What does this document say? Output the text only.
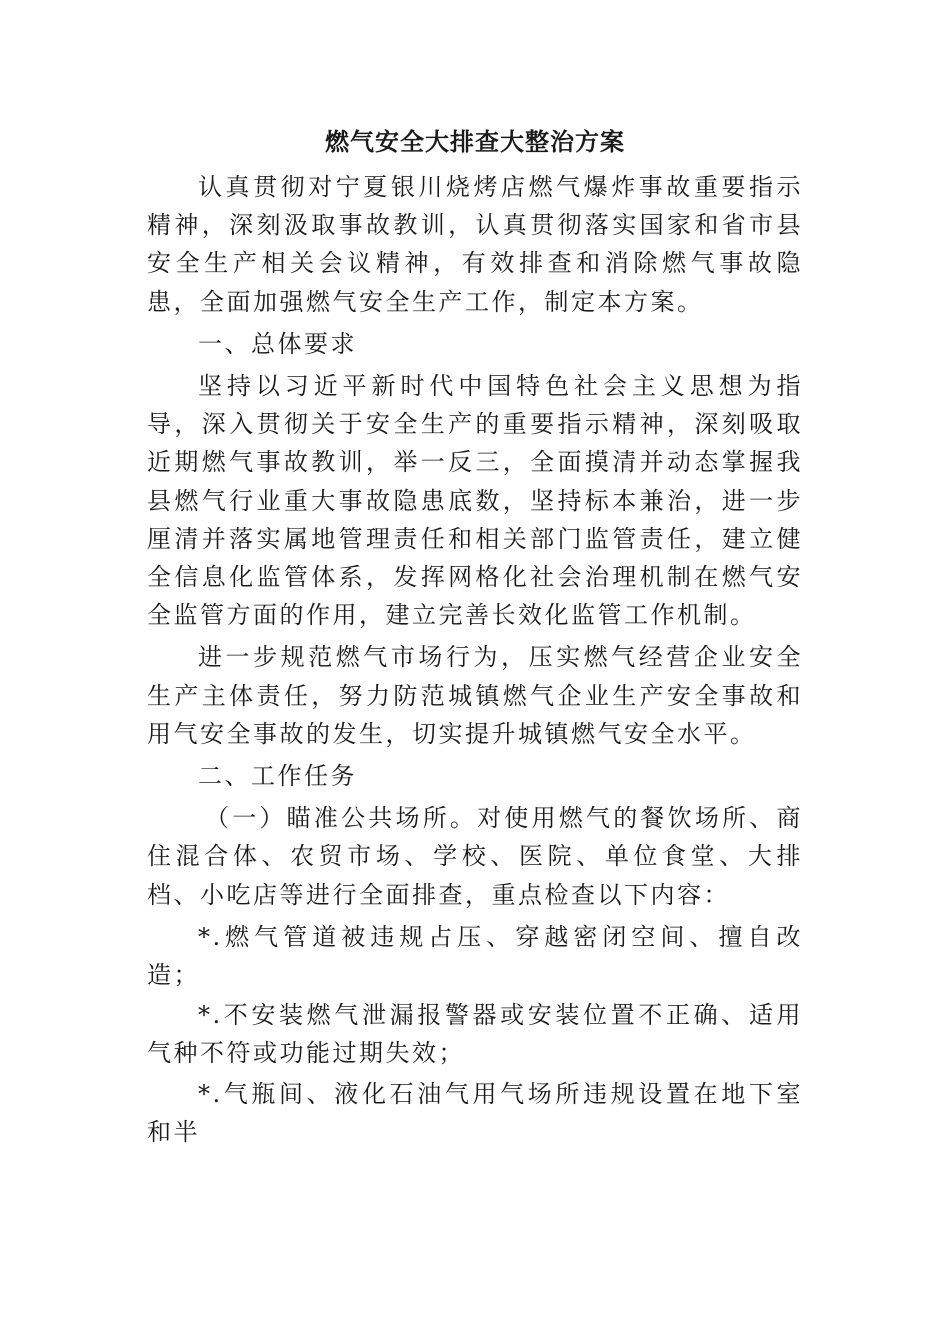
燃气安全大排查大整治方案

认真贯彻对宁夏银川烧烤店燃气爆炸事故重要指示精神，深刻汲取事故教训，认真贯彻落实国家和省市县安全生产相关会议精神，有效排查和消除燃气事故隐患，全面加强燃气安全生产工作，制定本方案。

一、总体要求

坚持以习近平新时代中国特色社会主义思想为指导，深入贯彻关于安全生产的重要指示精神，深刻吸取近期燃气事故教训，举一反三，全面摸清并动态掌握我县燃气行业重大事故隐患底数，坚持标本兼治，进一步厘清并落实属地管理责任和相关部门监管责任，建立健全信息化监管体系，发挥网格化社会治理机制在燃气安全监管方面的作用，建立完善长效化监管工作机制。

进一步规范燃气市场行为，压实燃气经营企业安全生产主体责任，努力防范城镇燃气企业生产安全事故和用气安全事故的发生，切实提升城镇燃气安全水平。

二、工作任务

（一）瞄准公共场所。对使用燃气的餐饮场所、商住混合体、农贸市场、学校、医院、单位食堂、大排档、小吃店等进行全面排查，重点检查以下内容：

*.燃气管道被违规占压、穿越密闭空间、擅自改造；

*.不安装燃气泄漏报警器或安装位置不正确、适用气种不符或功能过期失效；

*.气瓶间、液化石油气用气场所违规设置在地下室和半
